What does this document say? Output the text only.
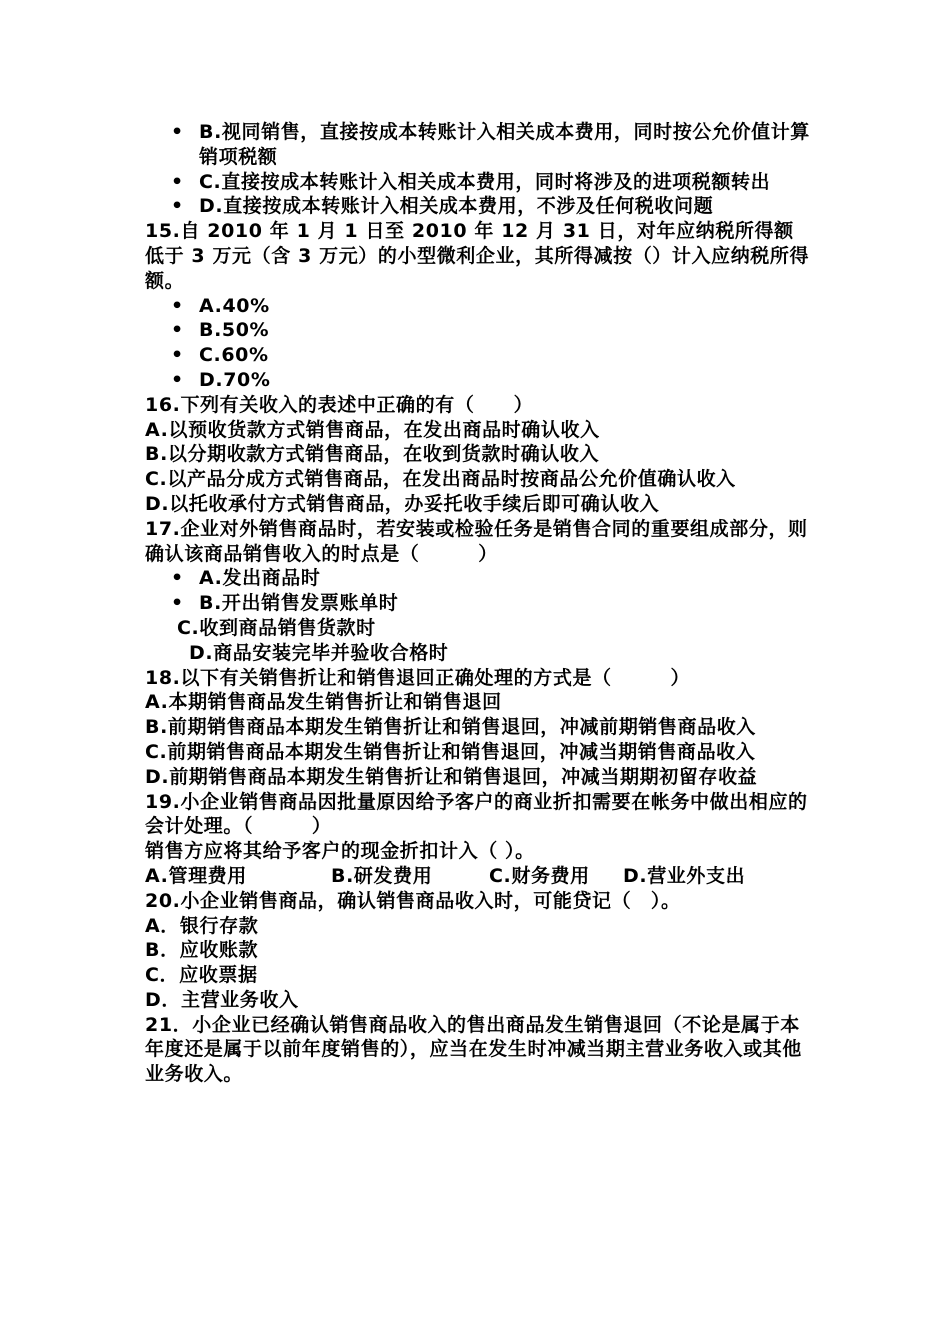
• B.视同销售，直接按成本转账计入相关成本费用，同时按公允价值计算销项税额
• C.直接按成本转账计入相关成本费用，同时将涉及的进项税额转出
• D.直接按成本转账计入相关成本费用，不涉及任何税收问题
15.自 2010 年 1 月 1 日至 2010 年 12 月 31 日，对年应纳税所得额低于 3 万元（含 3 万元）的小型微利企业，其所得减按（）计入应纳税所得额。
• A.40%
• B.50%
• C.60%
• D.70%
16.下列有关收入的表述中正确的有（　　）
A.以预收货款方式销售商品，在发出商品时确认收入
B.以分期收款方式销售商品，在收到货款时确认收入
C.以产品分成方式销售商品，在发出商品时按商品公允价值确认收入
D.以托收承付方式销售商品，办妥托收手续后即可确认收入
17.企业对外销售商品时，若安装或检验任务是销售合同的重要组成部分，则确认该商品销售收入的时点是（　　　）
• A.发出商品时
• B.开出销售发票账单时
C.收到商品销售货款时
D.商品安装完毕并验收合格时
18.以下有关销售折让和销售退回正确处理的方式是（　　　）
A.本期销售商品发生销售折让和销售退回
B.前期销售商品本期发生销售折让和销售退回，冲减前期销售商品收入
C.前期销售商品本期发生销售折让和销售退回，冲减当期销售商品收入
D.前期销售商品本期发生销售折让和销售退回，冲减当期期初留存收益
19.小企业销售商品因批量原因给予客户的商业折扣需要在帐务中做出相应的会计处理。（　　　）
销售方应将其给予客户的现金折扣计入（ ）。
A.管理费用	B.研发费用	C.财务费用 D.营业外支出
20.小企业销售商品，确认销售商品收入时，可能贷记（　）。
A．银行存款
B．应收账款
C．应收票据
D．主营业务收入
21．小企业已经确认销售商品收入的售出商品发生销售退回（不论是属于本年度还是属于以前年度销售的），应当在发生时冲减当期主营业务收入或其他业务收入。
